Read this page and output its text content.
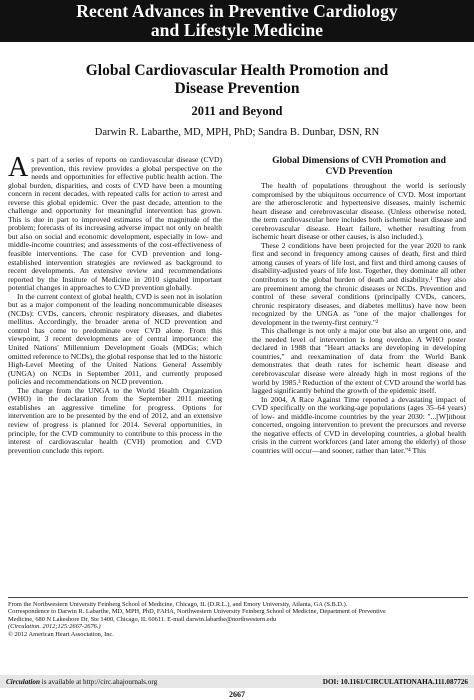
Recent Advances in Preventive Cardiology
and Lifestyle Medicine
Global Cardiovascular Health Promotion and
Disease Prevention
2011 and Beyond
Darwin R. Labarthe, MD, MPH, PhD; Sandra B. Dunbar, DSN, RN

As part of a series of reports on cardiovascular disease (CVD) prevention, this review provides a global perspective on the needs and opportunities for effective public health action. The global burden, disparities, and costs of CVD have been a mounting concern in recent decades, with repeated calls for action to arrest and reverse this global epidemic. Over the past decade, attention to the challenge and opportunity for meaningful intervention has grown. This is due in part to improved estimates of the magnitude of the problem; forecasts of its increasing adverse impact not only on health but also on social and economic development, especially in low- and middle-income countries; and assessments of the cost-effectiveness of feasible interventions. The case for CVD prevention and long-established intervention strategies are reviewed as background to recent developments. An extensive review and recommendations reported by the Institute of Medicine in 2010 signaled important potential changes in approaches to CVD prevention globally.

In the current context of global health, CVD is seen not in isolation but as a major component of the leading noncommunicable diseases (NCDs): CVDs, cancers, chronic respiratory diseases, and diabetes mellitus. Accordingly, the broader arena of NCD prevention and control has come to predominate over CVD alone. From this viewpoint, 3 recent developments are of central importance: the United Nations' Millennium Development Goals (MDGs; which omitted reference to NCDs), the global response that led to the historic High-Level Meeting of the United Nations General Assembly (UNGA) on NCDs in September 2011, and currently proposed policies and recommendations on NCD prevention.

The charge from the UNGA to the World Health Organization (WHO) in the declaration from the September 2011 meeting establishes an aggressive timeline for progress. Options for intervention are to be presented by the end of 2012, and an extensive review of progress is planned for 2014. Several opportunities, in principle, for the CVD community to contribute to this process in the interest of cardiovascular health (CVH) promotion and CVD prevention conclude this report.

Global Dimensions of CVH Promotion and
CVD Prevention

The health of populations throughout the world is seriously compromised by the ubiquitous occurrence of CVD. Most important are the atherosclerotic and hypertensive diseases, mainly ischemic heart disease and cerebrovascular disease. (Unless otherwise noted, the term cardiovascular here includes both ischemic heart disease and cerebrovascular disease. Heart failure, whether resulting from ischemic heart disease or other causes, is also included.).

These 2 conditions have been projected for the year 2020 to rank first and second in frequency among causes of death, first and third among causes of years of life lost, and first and third among causes of disability-adjusted years of life lost. Together, they dominate all other contributors to the global burden of death and disability.¹ They also are preeminent among the chronic diseases or NCDs. Prevention and control of these several conditions (principally CVDs, cancers, chronic respiratory diseases, and diabetes mellitus) have now been recognized by the UNGA as "one of the major challenges for development in the twenty-first century."²

This challenge is not only a major one but also an urgent one, and the needed level of intervention is long overdue. A WHO poster declared in 1988 that "Heart attacks are developing in developing countries," and reexamination of data from the World Bank demonstrates that death rates for ischemic heart disease and cerebrovascular disease were already high in most regions of the world by 1985.³ Reduction of the extent of CVD around the world has lagged significantly behind the growth of the epidemic itself.

In 2004, A Race Against Time reported a devastating impact of CVD specifically on the working-age populations (ages 35–64 years) of low- and middle-income countries by the year 2030: "...[W]ithout concerted, ongoing intervention to prevent the precursors and reverse the negative effects of CVD in developing countries, a global health crisis in the current workforces (and later among the elderly) of those countries will occur—and sooner, rather than later."⁴ This

From the Northwestern University Feinberg School of Medicine, Chicago, IL (D.R.L.), and Emory University, Atlanta, GA (S.B.D.).
Correspondence to Darwin R. Labarthe, MD, MPH, PhD, FAHA, Northwestern University Feinberg School of Medicine, Department of Preventive
Medicine, 680 N Lakeshore Dr, Ste 1400, Chicago, IL 60611. E-mail darwin.labarthe@northwestern.edu
(Circulation. 2012;125:2667-2676.)
© 2012 American Heart Association, Inc.
Circulation is available at http://circ.ahajournals.org	DOI: 10.1161/CIRCULATIONAHA.111.087726
2667
